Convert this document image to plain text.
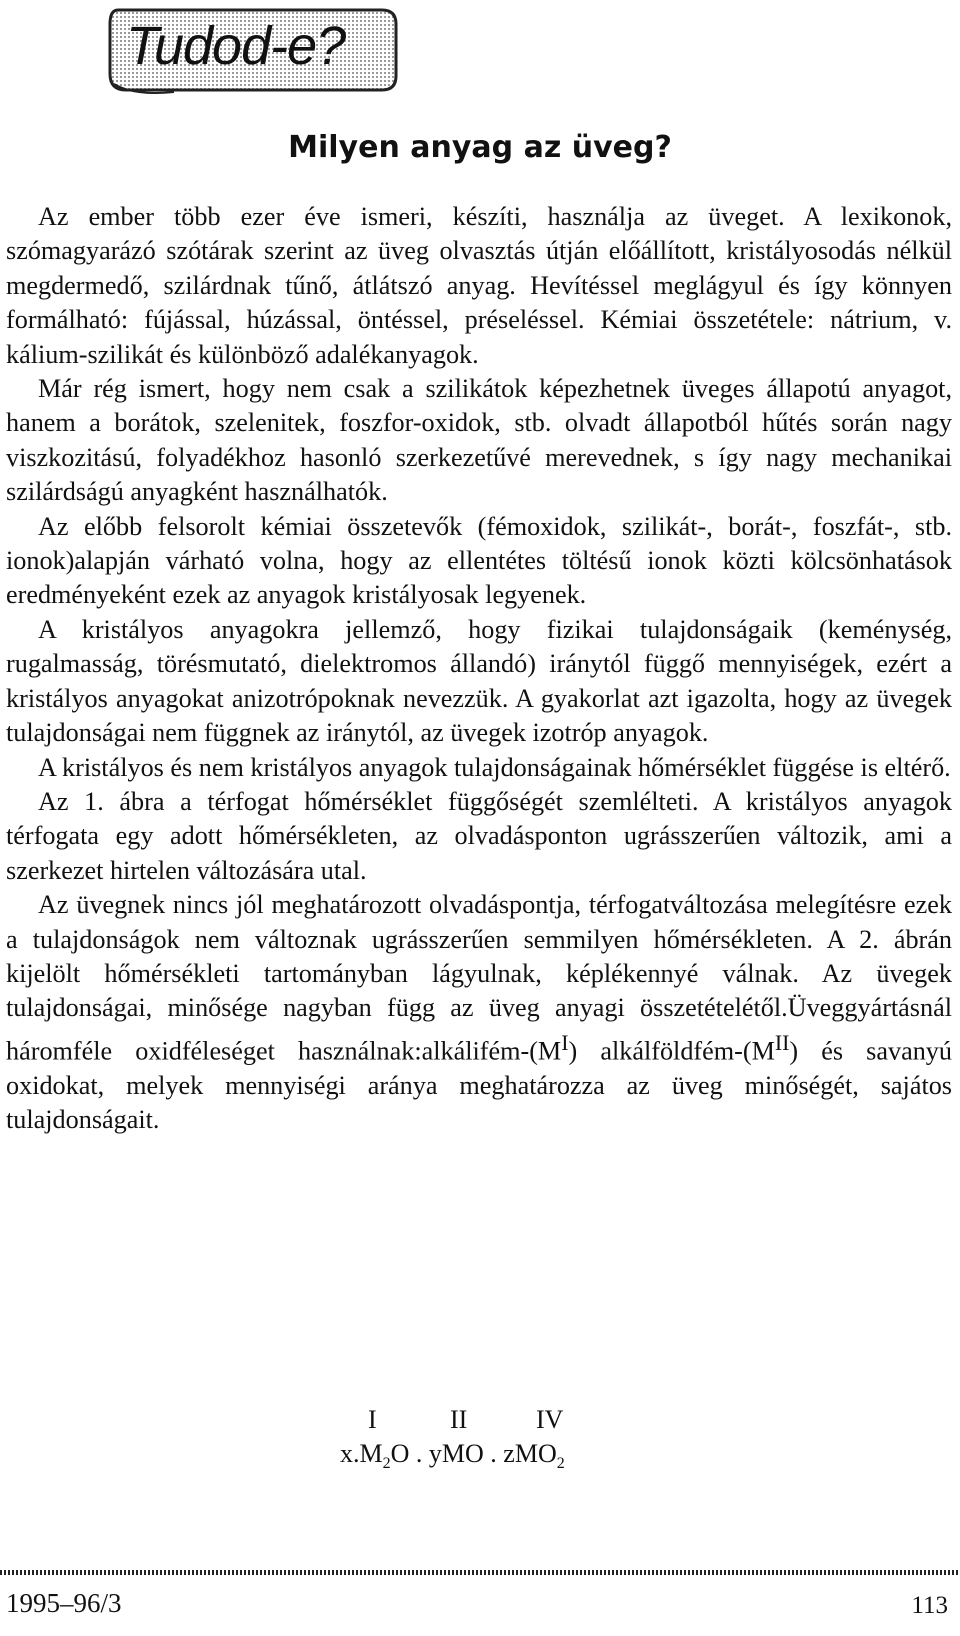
Tudod-e?
Milyen anyag az üveg?

Az ember több ezer éve ismeri, készíti, használja az üveget. A lexikonok, szómagyarázó szótárak szerint az üveg olvasztás útján előállított, kristályosodás nélkül megdermedő, szilárdnak tűnő, átlátszó anyag. Hevítéssel meglágyul és így könnyen formálható: fújással, húzással, öntéssel, préseléssel. Kémiai összetétele: nátrium, v. kálium-szilikát és különböző adalékanyagok.

Már rég ismert, hogy nem csak a szilikátok képezhetnek üveges állapotú anyagot, hanem a borátok, szelenitek, foszfor-oxidok, stb. olvadt állapotból hűtés során nagy viszkozitású, folyadékhoz hasonló szerkezetűvé merevednek, s így nagy mechanikai szilárdságú anyagként használhatók.

Az előbb felsorolt kémiai összetevők (fémoxidok, szilikát-, borát-, foszfát-, stb. ionok)alapján várható volna, hogy az ellentétes töltésű ionok közti kölcsönhatások eredményeként ezek az anyagok kristályosak legyenek.

A kristályos anyagokra jellemző, hogy fizikai tulajdonságaik (keménység, rugalmasság, törésmutató, dielektromos állandó) iránytól függő mennyiségek, ezért a kristályos anyagokat anizotrópoknak nevezzük. A gyakorlat azt igazolta, hogy az üvegek tulajdonságai nem függnek az iránytól, az üvegek izotróp anyagok.

A kristályos és nem kristályos anyagok tulajdonságainak hőmérséklet függése is eltérő.

Az 1. ábra a térfogat hőmérséklet függőségét szemlélteti. A kristályos anyagok térfogata egy adott hőmérsékleten, az olvadásponton ugrásszerűen változik, ami a szerkezet hirtelen változására utal.

Az üvegnek nincs jól meghatározott olvadáspontja, térfogatváltozása melegítésre ezek a tulajdonságok nem változnak ugrásszerűen semmilyen hőmérsékleten. A 2. ábrán kijelölt hőmérsékleti tartományban lágyulnak, képlékennyé válnak. Az üvegek tulajdonságai, minősége nagyban függ az üveg anyagi összetételétől.Üveggyártásnál háromféle oxidféleséget $használnak:alkálifém-(M^I)$ alkálföldfém-$(M^{II})$ és savanyú oxidokat, melyek mennyiségi aránya meghatározza az üveg minőségét, sajátos tulajdonságait.

I	II	IV
$x.M_2O$ . yMO . zMO$_2$
1995–96/3	113
